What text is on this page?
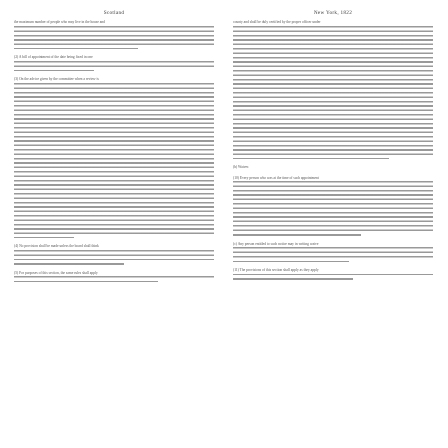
Scotland
the maximum number of people who may live in the house and
(2) A bill of appointment of the date being fixed in one
(3) On the advice given by the committee when a review is
(4) No provision shall be made unless the board shall think
(5) For purposes of this section, the same rules shall apply
New York, 1822
county and shall be duly certified by the proper officer under
(b) Waiver.
(10) Every person who was at the time of such appointment
(c) Any person entitled to such notice may in writing waive
(11) The provisions of this section shall apply as they apply
